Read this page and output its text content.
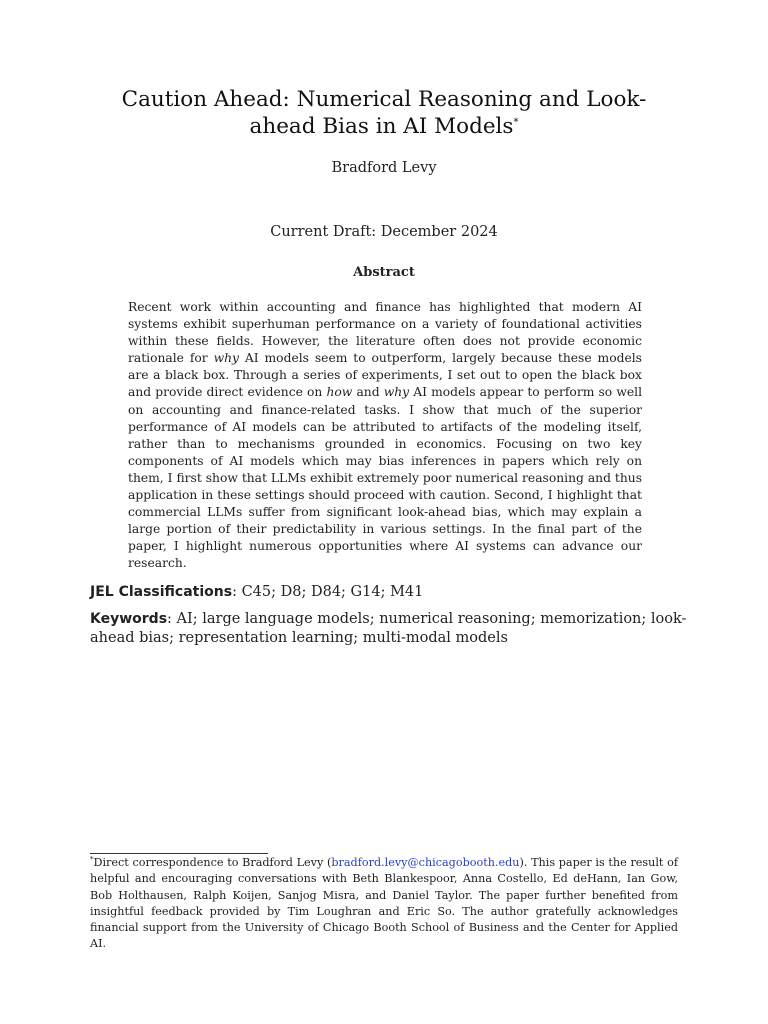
Caution Ahead: Numerical Reasoning and Look-ahead Bias in AI Models*
Bradford Levy
Current Draft: December 2024
Abstract
Recent work within accounting and finance has highlighted that modern AI systems exhibit superhuman performance on a variety of foundational activities within these fields. However, the literature often does not provide economic rationale for why AI models seem to outperform, largely because these models are a black box. Through a series of experiments, I set out to open the black box and provide direct evidence on how and why AI models appear to perform so well on accounting and finance-related tasks. I show that much of the superior performance of AI models can be attributed to artifacts of the modeling itself, rather than to mechanisms grounded in economics. Focusing on two key components of AI models which may bias inferences in papers which rely on them, I first show that LLMs exhibit extremely poor numerical reasoning and thus application in these settings should proceed with caution. Second, I highlight that commercial LLMs suffer from significant look-ahead bias, which may explain a large portion of their predictability in various settings. In the final part of the paper, I highlight numerous opportunities where AI systems can advance our research.
JEL Classifications: C45; D8; D84; G14; M41
Keywords: AI; large language models; numerical reasoning; memorization; look-ahead bias; representation learning; multi-modal models
*Direct correspondence to Bradford Levy (bradford.levy@chicagobooth.edu). This paper is the result of helpful and encouraging conversations with Beth Blankespoor, Anna Costello, Ed deHann, Ian Gow, Bob Holthausen, Ralph Koijen, Sanjog Misra, and Daniel Taylor. The paper further benefited from insightful feedback provided by Tim Loughran and Eric So. The author gratefully acknowledges financial support from the University of Chicago Booth School of Business and the Center for Applied AI.
